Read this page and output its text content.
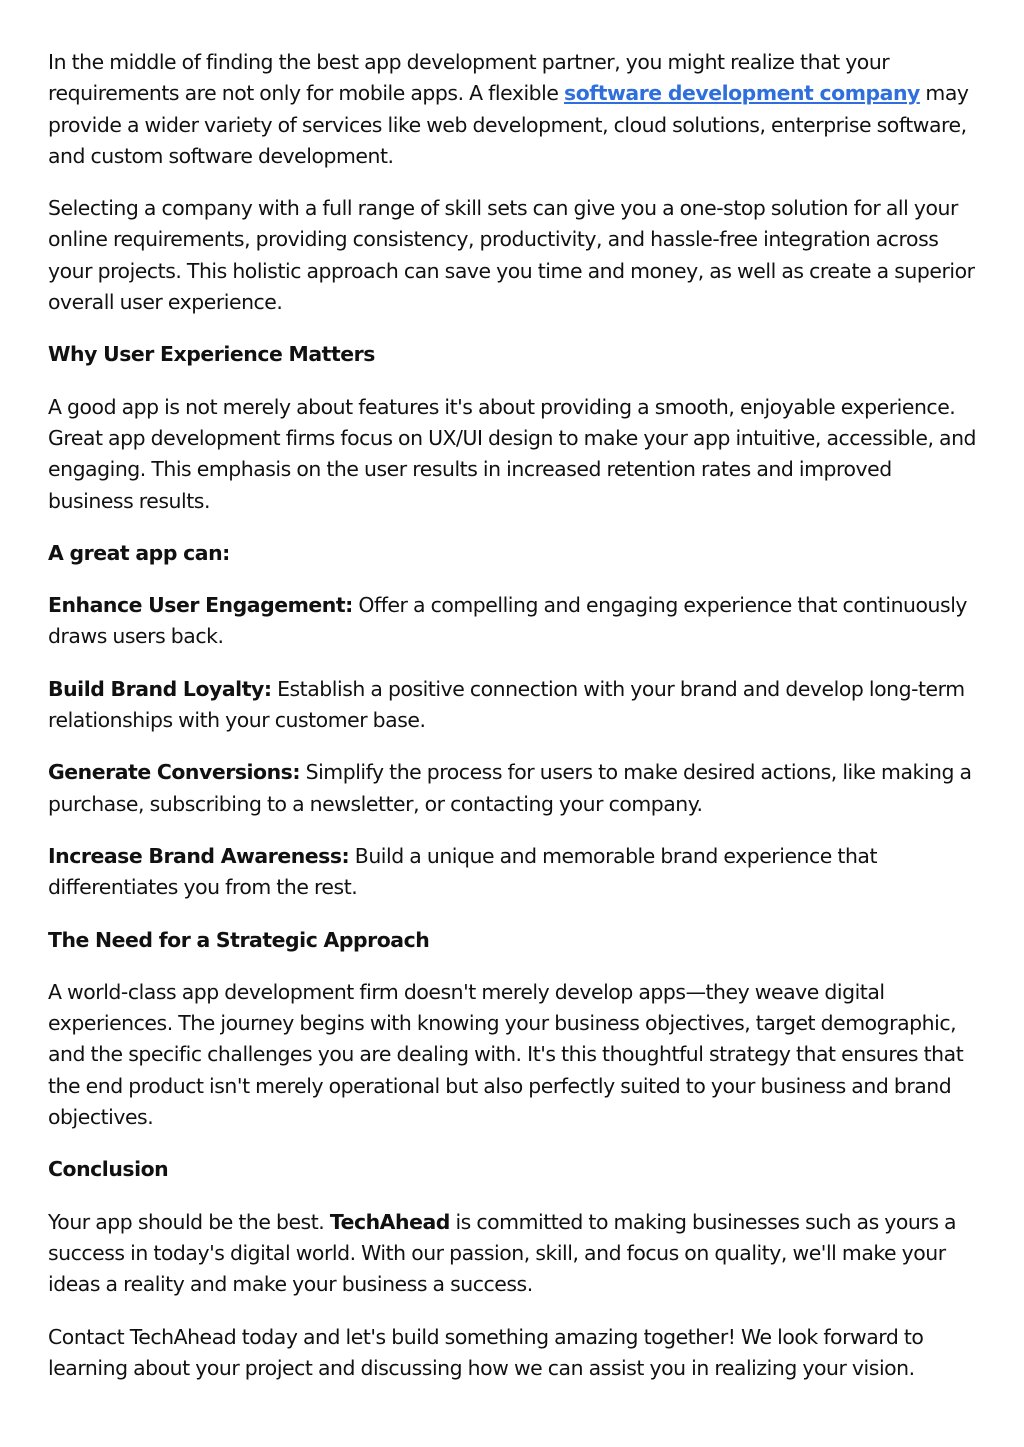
In the middle of finding the best app development partner, you might realize that your requirements are not only for mobile apps. A flexible software development company may provide a wider variety of services like web development, cloud solutions, enterprise software, and custom software development.

Selecting a company with a full range of skill sets can give you a one-stop solution for all your online requirements, providing consistency, productivity, and hassle-free integration across your projects. This holistic approach can save you time and money, as well as create a superior overall user experience.

Why User Experience Matters

A good app is not merely about features it's about providing a smooth, enjoyable experience. Great app development firms focus on UX/UI design to make your app intuitive, accessible, and engaging. This emphasis on the user results in increased retention rates and improved business results.

A great app can:

Enhance User Engagement: Offer a compelling and engaging experience that continuously draws users back.

Build Brand Loyalty: Establish a positive connection with your brand and develop long-term relationships with your customer base.

Generate Conversions: Simplify the process for users to make desired actions, like making a purchase, subscribing to a newsletter, or contacting your company.

Increase Brand Awareness: Build a unique and memorable brand experience that differentiates you from the rest.

The Need for a Strategic Approach

A world-class app development firm doesn't merely develop apps—they weave digital experiences. The journey begins with knowing your business objectives, target demographic, and the specific challenges you are dealing with. It's this thoughtful strategy that ensures that the end product isn't merely operational but also perfectly suited to your business and brand objectives.

Conclusion

Your app should be the best. TechAhead is committed to making businesses such as yours a success in today's digital world. With our passion, skill, and focus on quality, we'll make your ideas a reality and make your business a success.

Contact TechAhead today and let's build something amazing together! We look forward to learning about your project and discussing how we can assist you in realizing your vision.
